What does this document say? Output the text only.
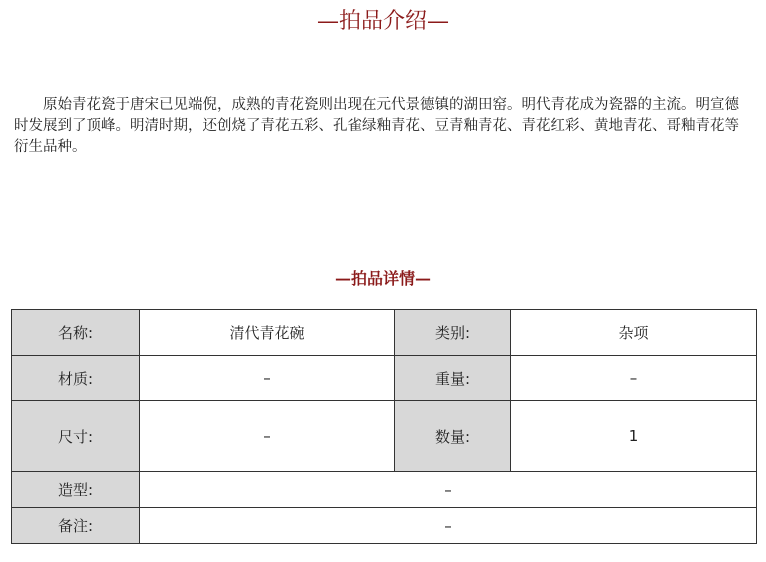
—拍品介绍—

原始青花瓷于唐宋已见端倪，成熟的青花瓷则出现在元代景德镇的湖田窑。明代青花成为瓷器的主流。明宣德时发展到了顶峰。明清时期，还创烧了青花五彩、孔雀绿釉青花、豆青釉青花、青花红彩、黄地青花、哥釉青花等衍生品种。

—拍品详情—
名称:	清代青花碗	类别:	杂项
材质:	–	重量:	–
尺寸:	–	数量:	1
造型:	–		
备注:	–		
